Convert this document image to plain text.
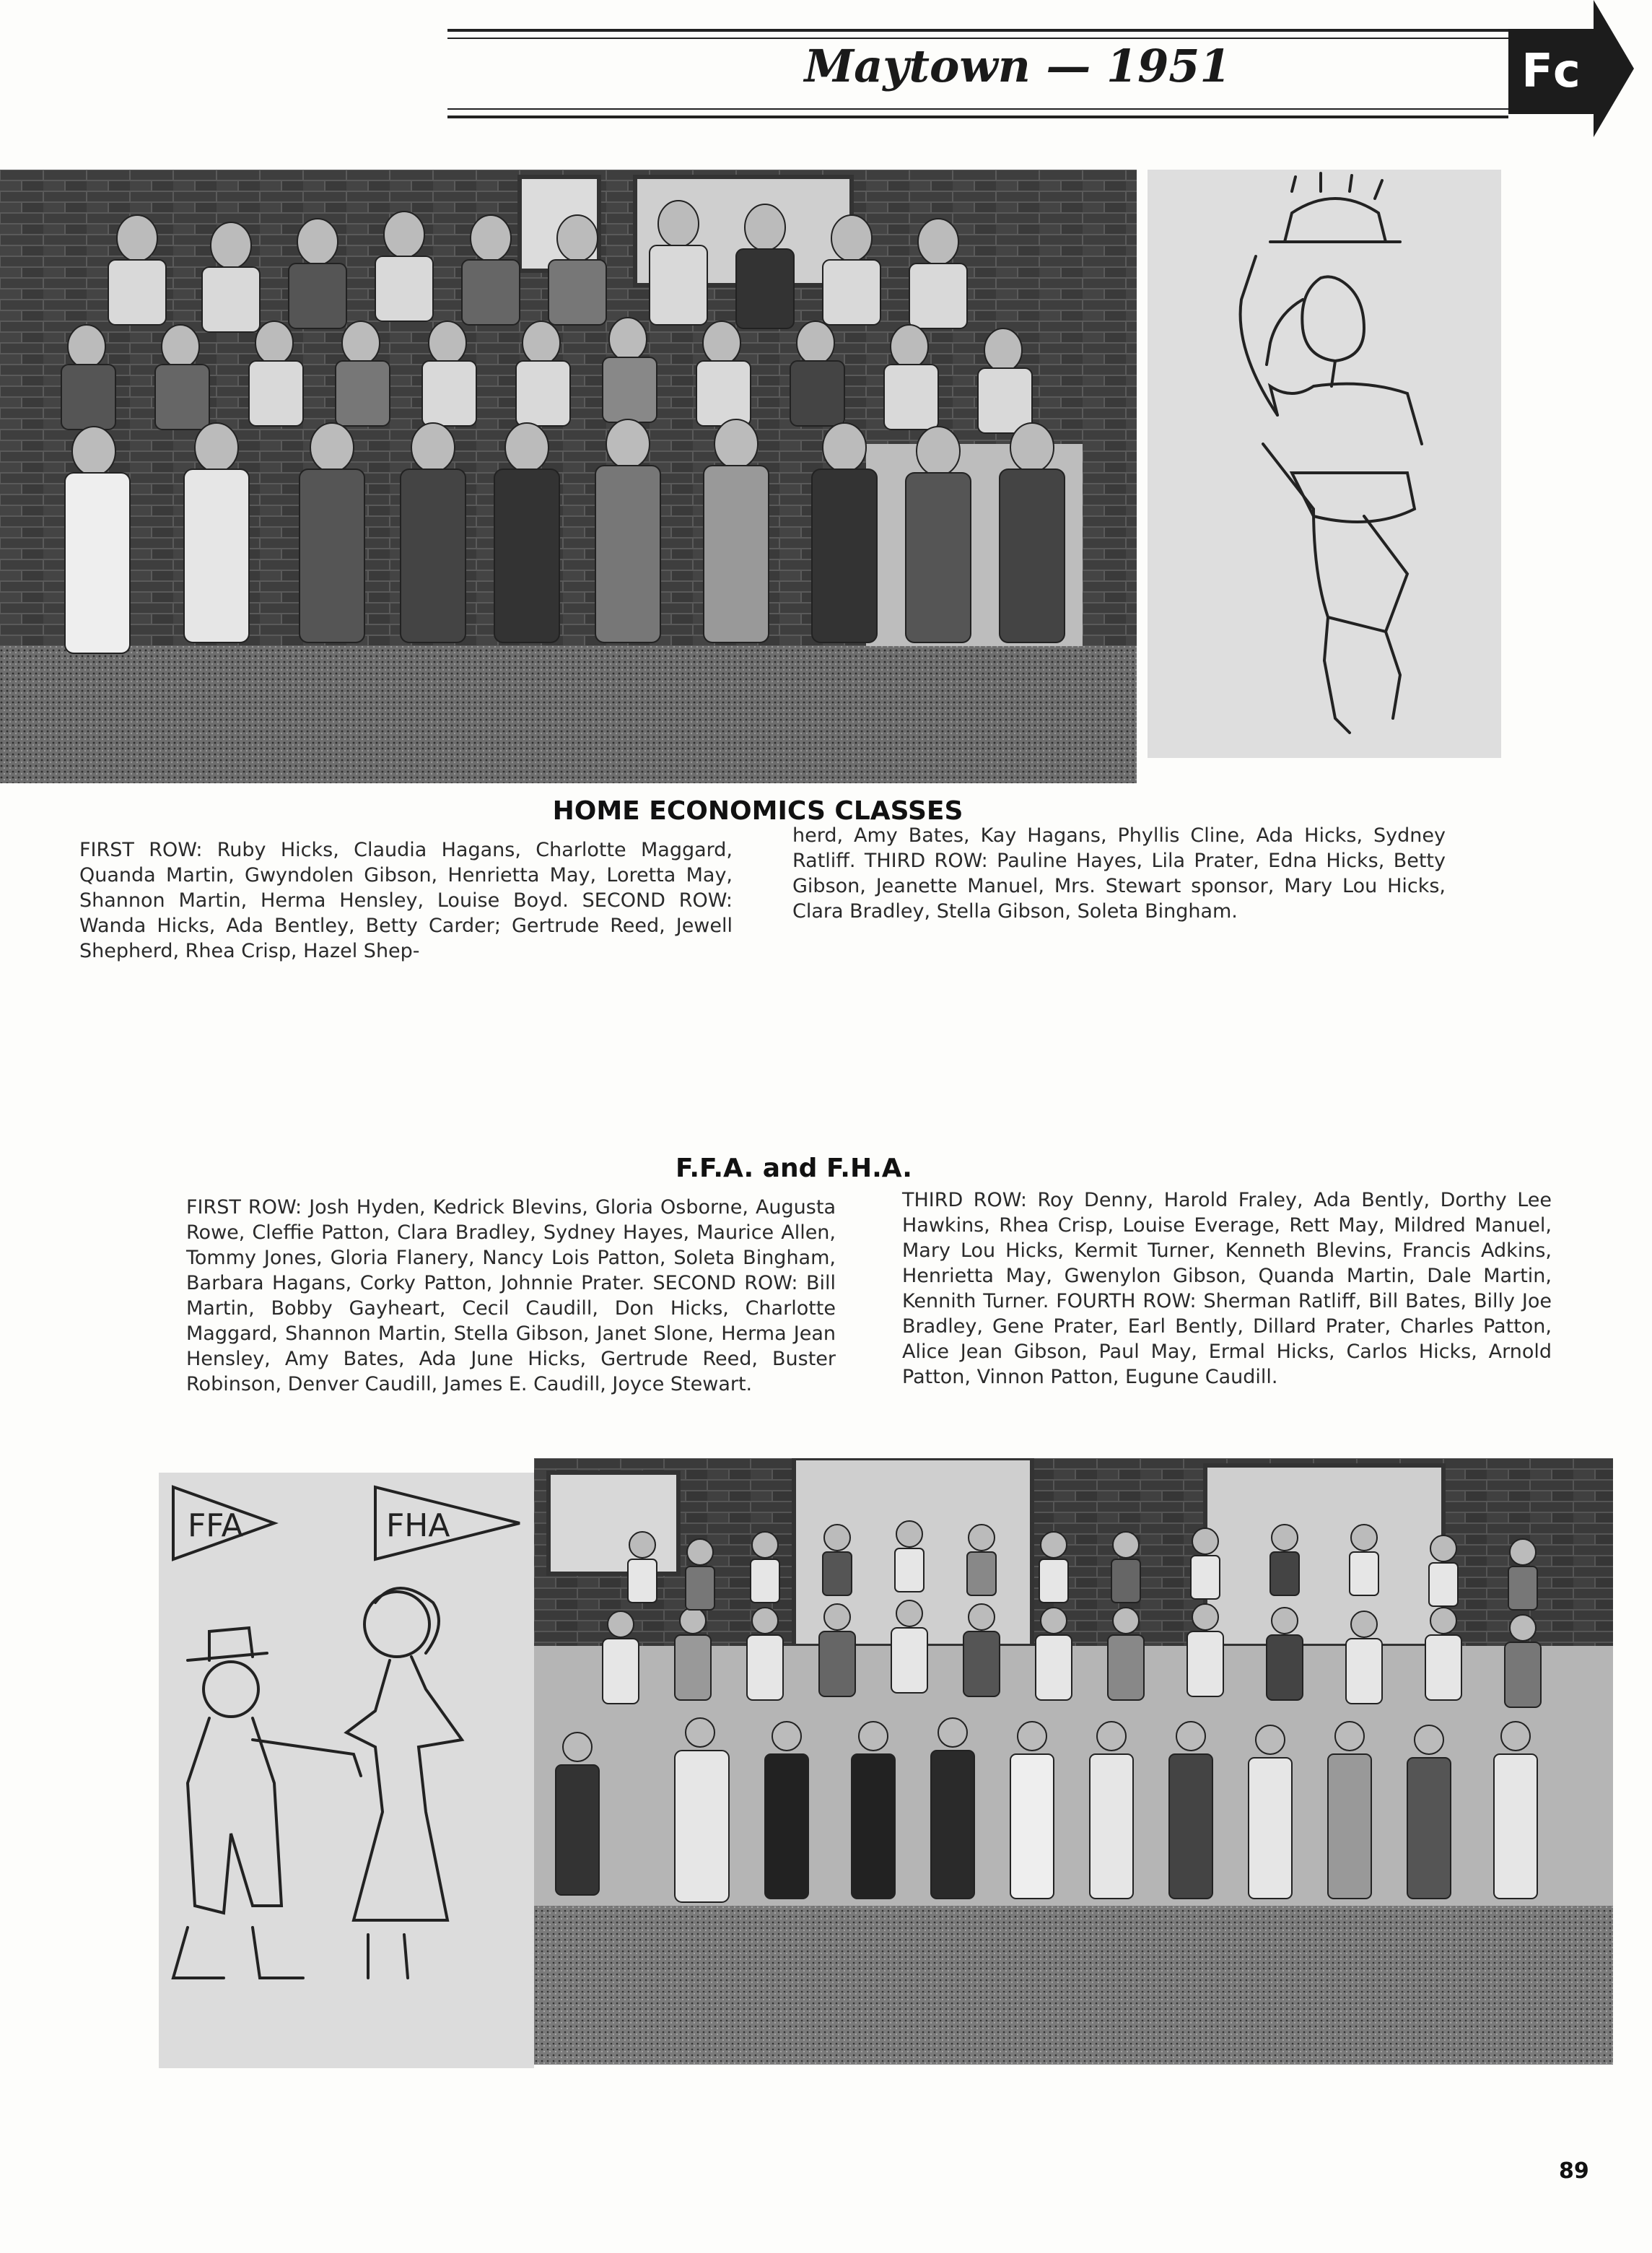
Maytown — 1951	Fc
HOME ECONOMICS CLASSES

FIRST ROW: Ruby Hicks, Claudia Hagans, Charlotte Maggard, Quanda Martin, Gwyndolen Gibson, Henrietta May, Loretta May, Shannon Martin, Herma Hensley, Louise Boyd. SECOND ROW: Wanda Hicks, Ada Bentley, Betty Carder; Gertrude Reed, Jewell Shepherd, Rhea Crisp, Hazel Shep-

herd, Amy Bates, Kay Hagans, Phyllis Cline, Ada Hicks, Sydney Ratliff. THIRD ROW: Pauline Hayes, Lila Prater, Edna Hicks, Betty Gibson, Jeanette Manuel, Mrs. Stewart sponsor, Mary Lou Hicks, Clara Bradley, Stella Gibson, Soleta Bingham.

F.F.A. and F.H.A.

FIRST ROW: Josh Hyden, Kedrick Blevins, Gloria Osborne, Augusta Rowe, Cleffie Patton, Clara Bradley, Sydney Hayes, Maurice Allen, Tommy Jones, Gloria Flanery, Nancy Lois Patton, Soleta Bingham, Barbara Hagans, Corky Patton, Johnnie Prater. SECOND ROW: Bill Martin, Bobby Gayheart, Cecil Caudill, Don Hicks, Charlotte Maggard, Shannon Martin, Stella Gibson, Janet Slone, Herma Jean Hensley, Amy Bates, Ada June Hicks, Gertrude Reed, Buster Robinson, Denver Caudill, James E. Caudill, Joyce Stewart.

THIRD ROW: Roy Denny, Harold Fraley, Ada Bently, Dorthy Lee Hawkins, Rhea Crisp, Louise Everage, Rett May, Mildred Manuel, Mary Lou Hicks, Kermit Turner, Kenneth Blevins, Francis Adkins, Henrietta May, Gwenylon Gibson, Quanda Martin, Dale Martin, Kennith Turner. FOURTH ROW: Sherman Ratliff, Bill Bates, Billy Joe Bradley, Gene Prater, Earl Bently, Dillard Prater, Charles Patton, Alice Jean Gibson, Paul May, Ermal Hicks, Carlos Hicks, Arnold Patton, Vinnon Patton, Eugune Caudill.

FFA	FHA
89
